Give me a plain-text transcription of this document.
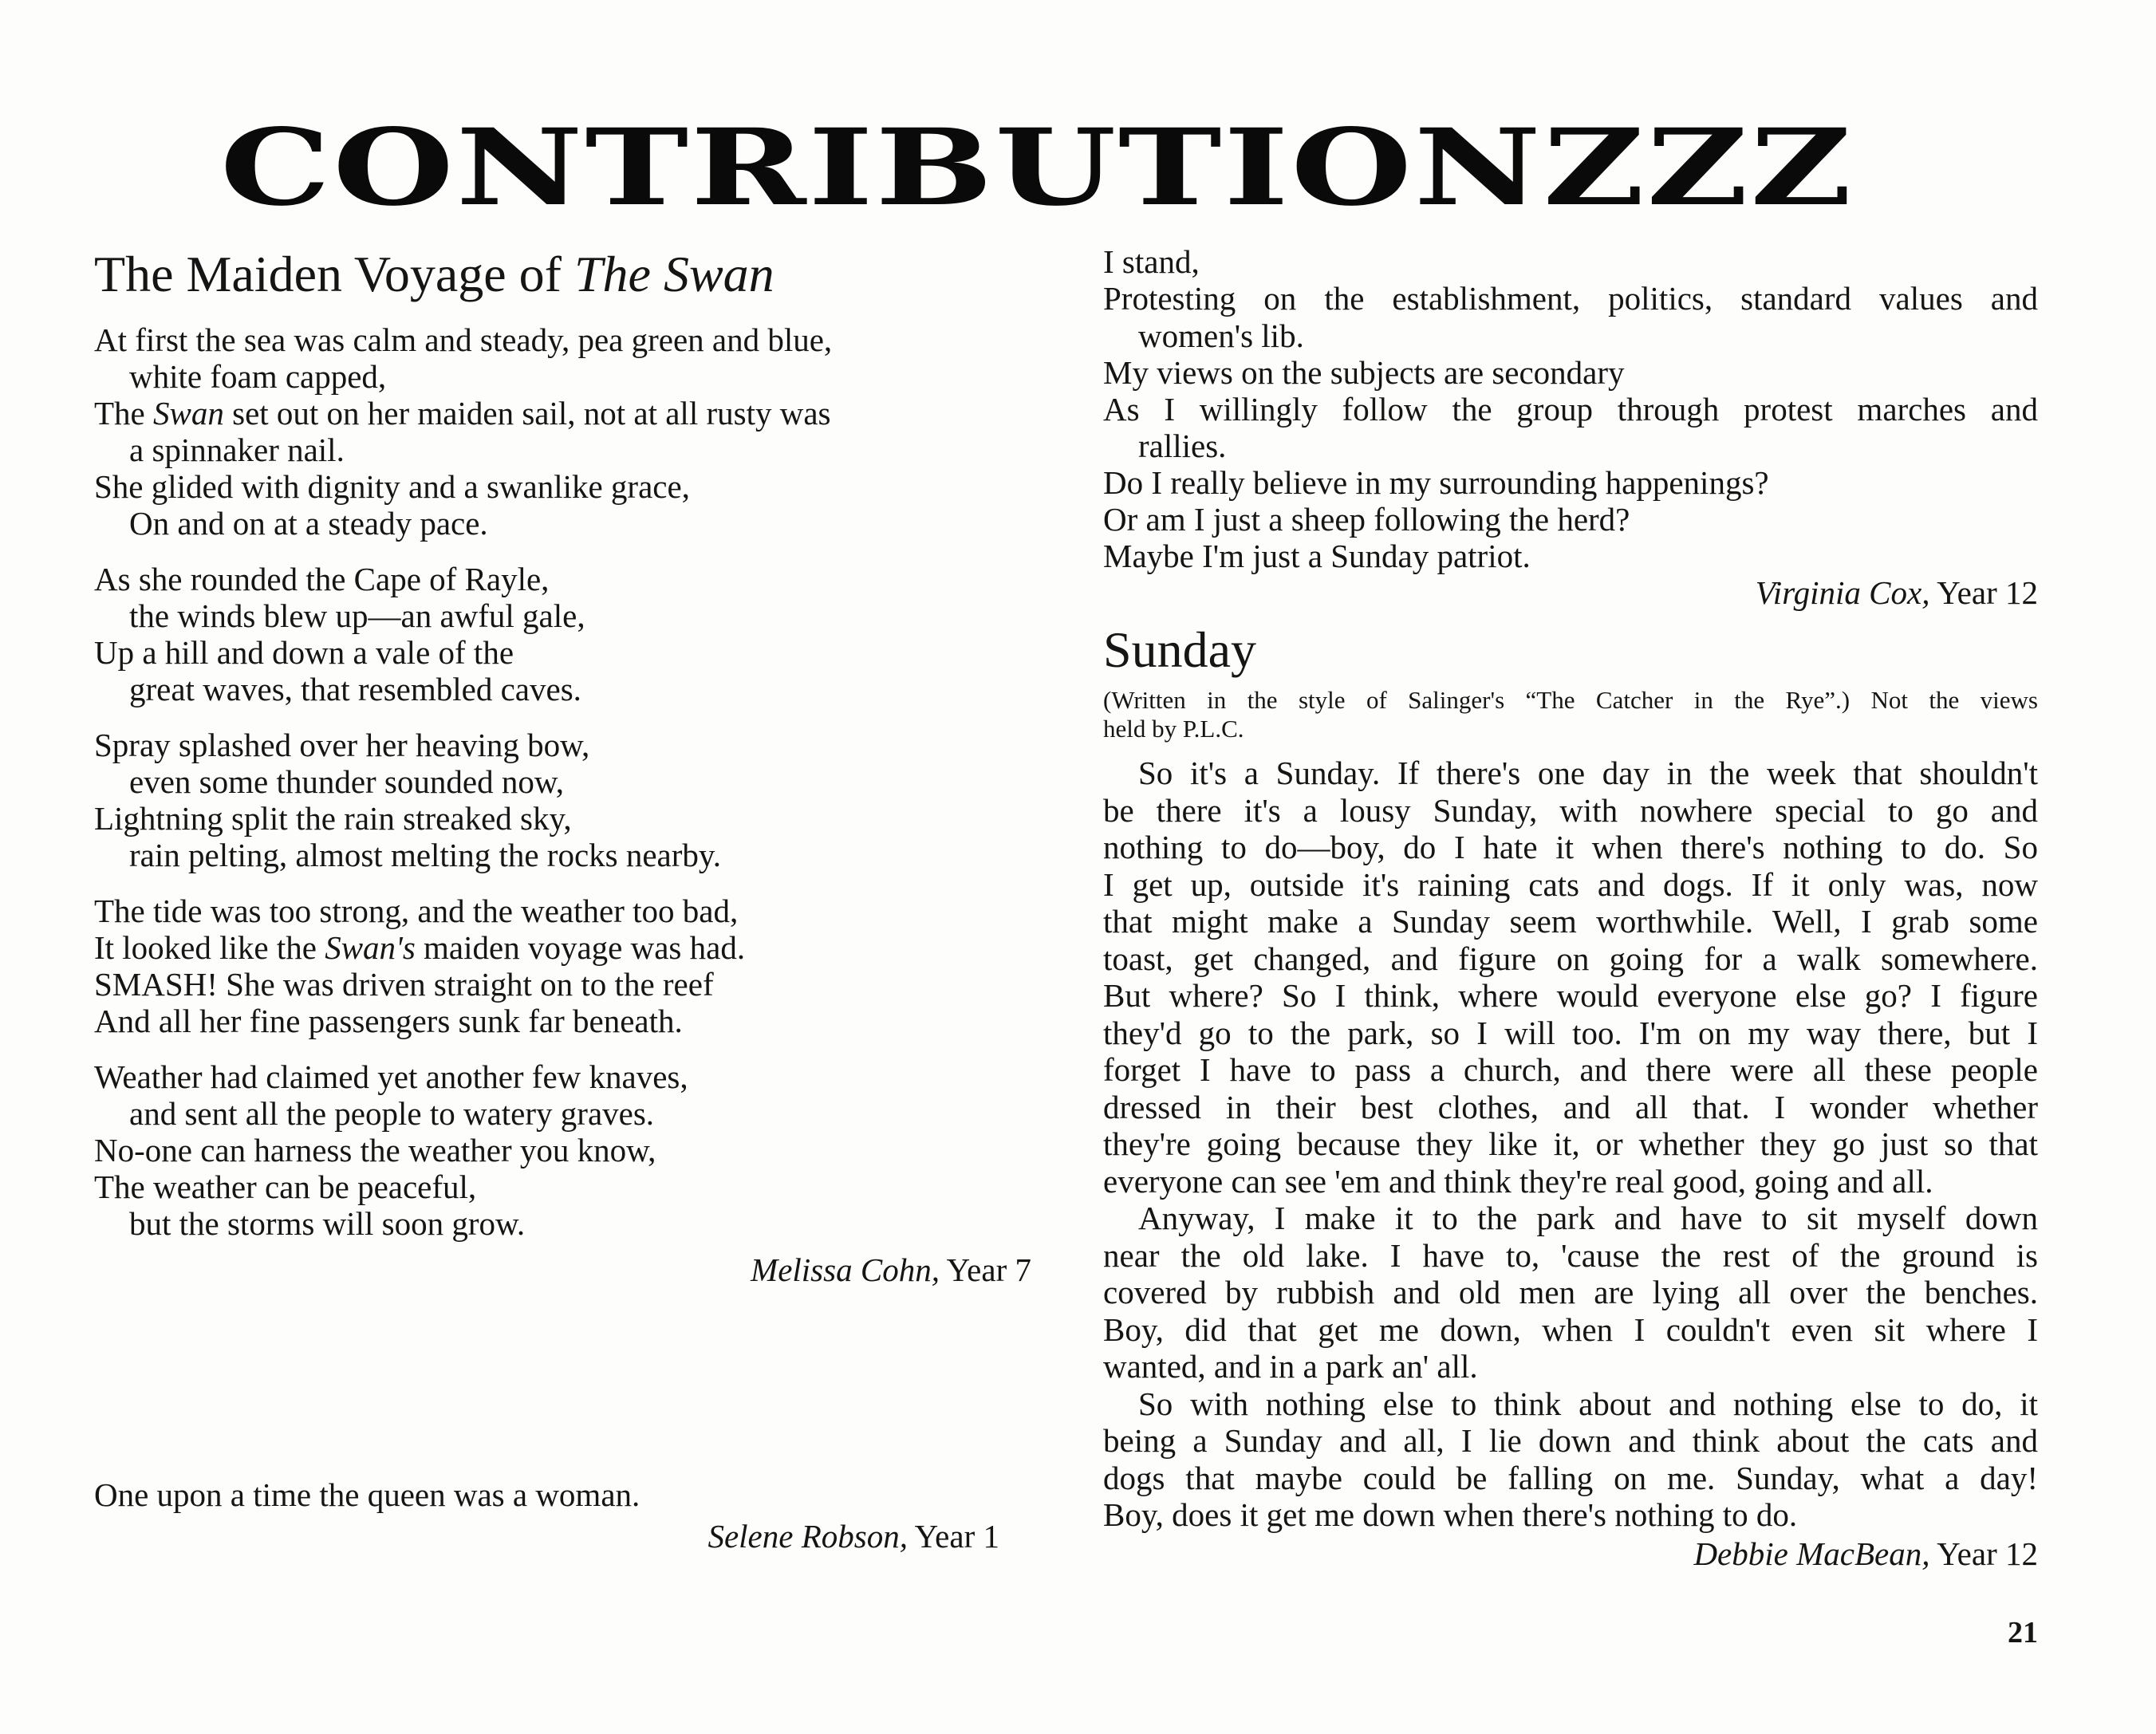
CONTRIBUTIONZZZ
The Maiden Voyage of The Swan
At first the sea was calm and steady, pea green and blue,
white foam capped,
The Swan set out on her maiden sail, not at all rusty was
a spinnaker nail.
She glided with dignity and a swanlike grace,
On and on at a steady pace.
As she rounded the Cape of Rayle,
the winds blew up—an awful gale,
Up a hill and down a vale of the
great waves, that resembled caves.
Spray splashed over her heaving bow,
even some thunder sounded now,
Lightning split the rain streaked sky,
rain pelting, almost melting the rocks nearby.
The tide was too strong, and the weather too bad,
It looked like the Swan's maiden voyage was had.
SMASH! She was driven straight on to the reef
And all her fine passengers sunk far beneath.
Weather had claimed yet another few knaves,
and sent all the people to watery graves.
No-one can harness the weather you know,
The weather can be peaceful,
but the storms will soon grow.
Melissa Cohn, Year 7
One upon a time the queen was a woman.
Selene Robson, Year 1
I stand,
Protesting on the establishment, politics, standard values and
women's lib.
My views on the subjects are secondary
As I willingly follow the group through protest marches and
rallies.
Do I really believe in my surrounding happenings?
Or am I just a sheep following the herd?
Maybe I'm just a Sunday patriot.
Virginia Cox, Year 12
Sunday
(Written in the style of Salinger's “The Catcher in the Rye”.) Not the views
held by P.L.C.
So it's a Sunday. If there's one day in the week that shouldn't
be there it's a lousy Sunday, with nowhere special to go and
nothing to do—boy, do I hate it when there's nothing to do. So
I get up, outside it's raining cats and dogs. If it only was, now
that might make a Sunday seem worthwhile. Well, I grab some
toast, get changed, and figure on going for a walk somewhere.
But where? So I think, where would everyone else go? I figure
they'd go to the park, so I will too. I'm on my way there, but I
forget I have to pass a church, and there were all these people
dressed in their best clothes, and all that. I wonder whether
they're going because they like it, or whether they go just so that
everyone can see 'em and think they're real good, going and all.
Anyway, I make it to the park and have to sit myself down
near the old lake. I have to, 'cause the rest of the ground is
covered by rubbish and old men are lying all over the benches.
Boy, did that get me down, when I couldn't even sit where I
wanted, and in a park an' all.
So with nothing else to think about and nothing else to do, it
being a Sunday and all, I lie down and think about the cats and
dogs that maybe could be falling on me. Sunday, what a day!
Boy, does it get me down when there's nothing to do.
Debbie MacBean, Year 12
21
